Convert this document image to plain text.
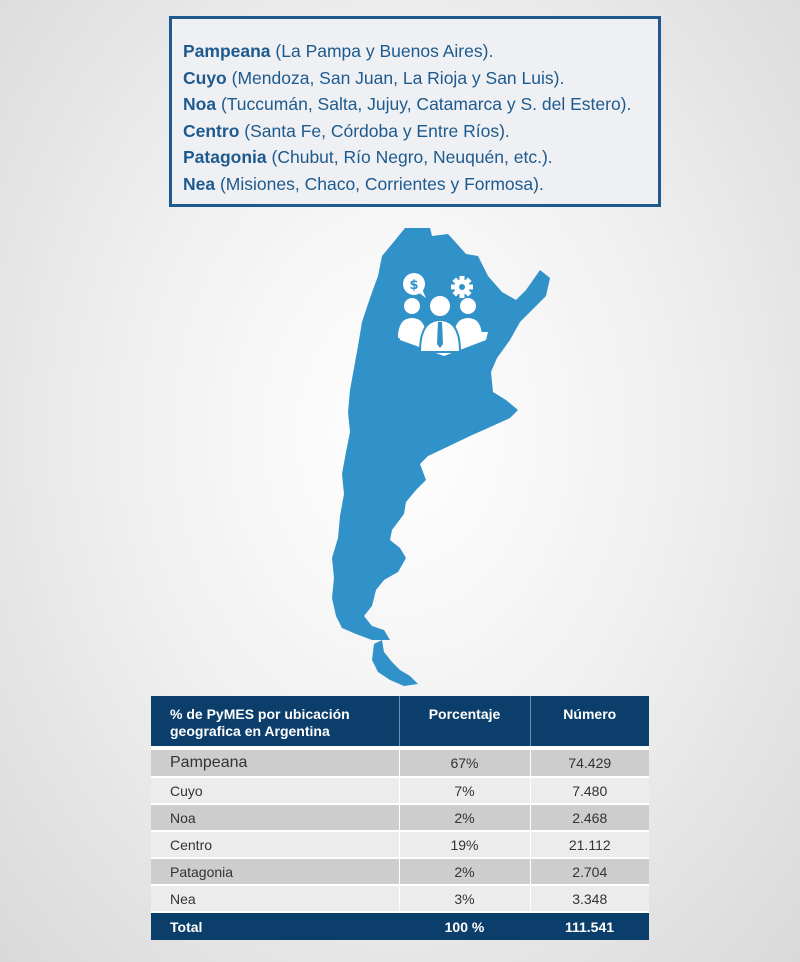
Pampeana (La Pampa y Buenos Aires).
Cuyo (Mendoza, San Juan, La Rioja y San Luis).
Noa (Tuccumán, Salta, Jujuy, Catamarca y S. del Estero).
Centro (Santa Fe, Córdoba y Entre Ríos).
Patagonia (Chubut, Río Negro, Neuquén, etc.).
Nea (Misiones, Chaco, Corrientes y Formosa).
$
% de PyMES por ubicación geografica en Argentina	Porcentaje	Número

Pampeana	67%	74.429
Cuyo	7%	7.480
Noa	2%	2.468
Centro	19%	21.112
Patagonia	2%	2.704
Nea	3%	3.348
Total	100 %	111.541
